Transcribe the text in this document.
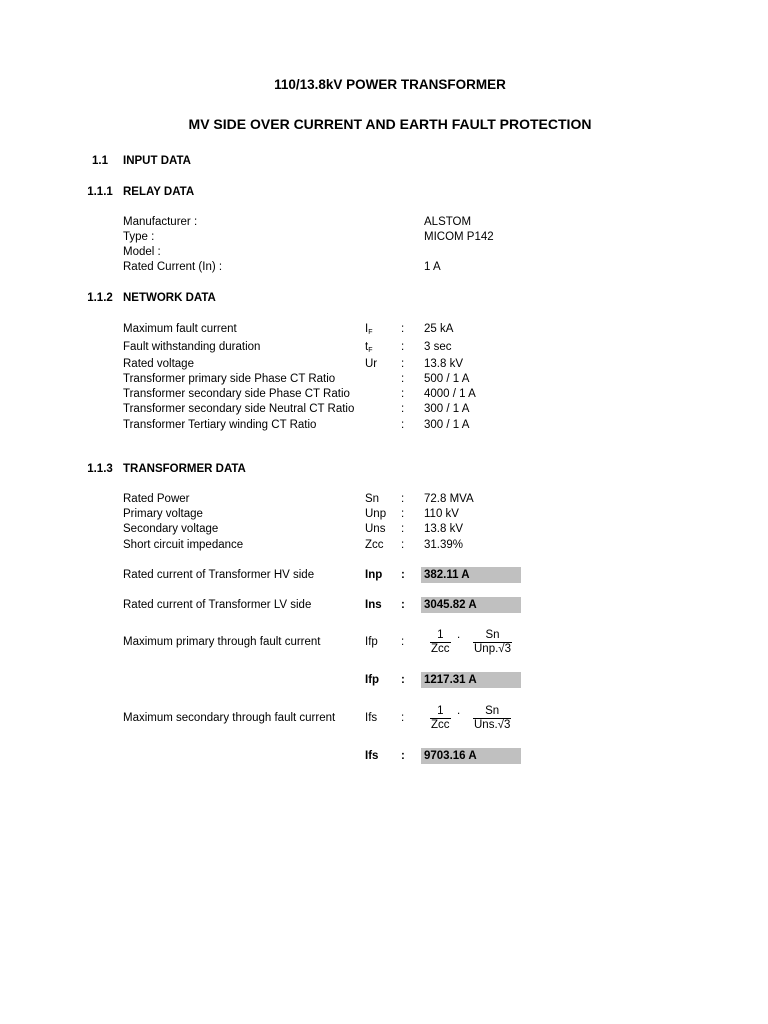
110/13.8kV POWER TRANSFORMER
MV SIDE OVER CURRENT AND EARTH FAULT PROTECTION
1.1	INPUT DATA
1.1.1 RELAY DATA
Manufacturer :	ALSTOM
Type :	MICOM P142
Model :
Rated Current (In) :	1 A
1.1.2 NETWORK DATA
Maximum fault current	$I_F$ : 25 kA
Fault withstanding duration	$t_F$ : 3 sec
Rated voltage	Ur : 13.8 kV
Transformer primary side Phase CT Ratio	: 500 / 1 A
Transformer secondary side Phase CT Ratio	: 4000 / 1 A
Transformer secondary side Neutral CT Ratio	: 300 / 1 A
Transformer Tertiary winding CT Ratio	: 300 / 1 A
1.1.3 TRANSFORMER DATA
Rated Power	Sn : 72.8 MVA
Primary voltage	Unp : 110 kV
Secondary voltage	Uns : 13.8 kV
Short circuit impedance	Zcc : 31.39%
Rated current of Transformer HV side	Inp : 382.11 A
Rated current of Transformer LV side	Ins : 3045.82 A
Maximum primary through fault current	Ifp :
1
Zcc
. Sn
Unp.√3
Ifp : 1217.31 A
Maximum secondary through fault current	Ifs :
1
Zcc
. Sn
Uns.√3
Ifs : 9703.16 A
